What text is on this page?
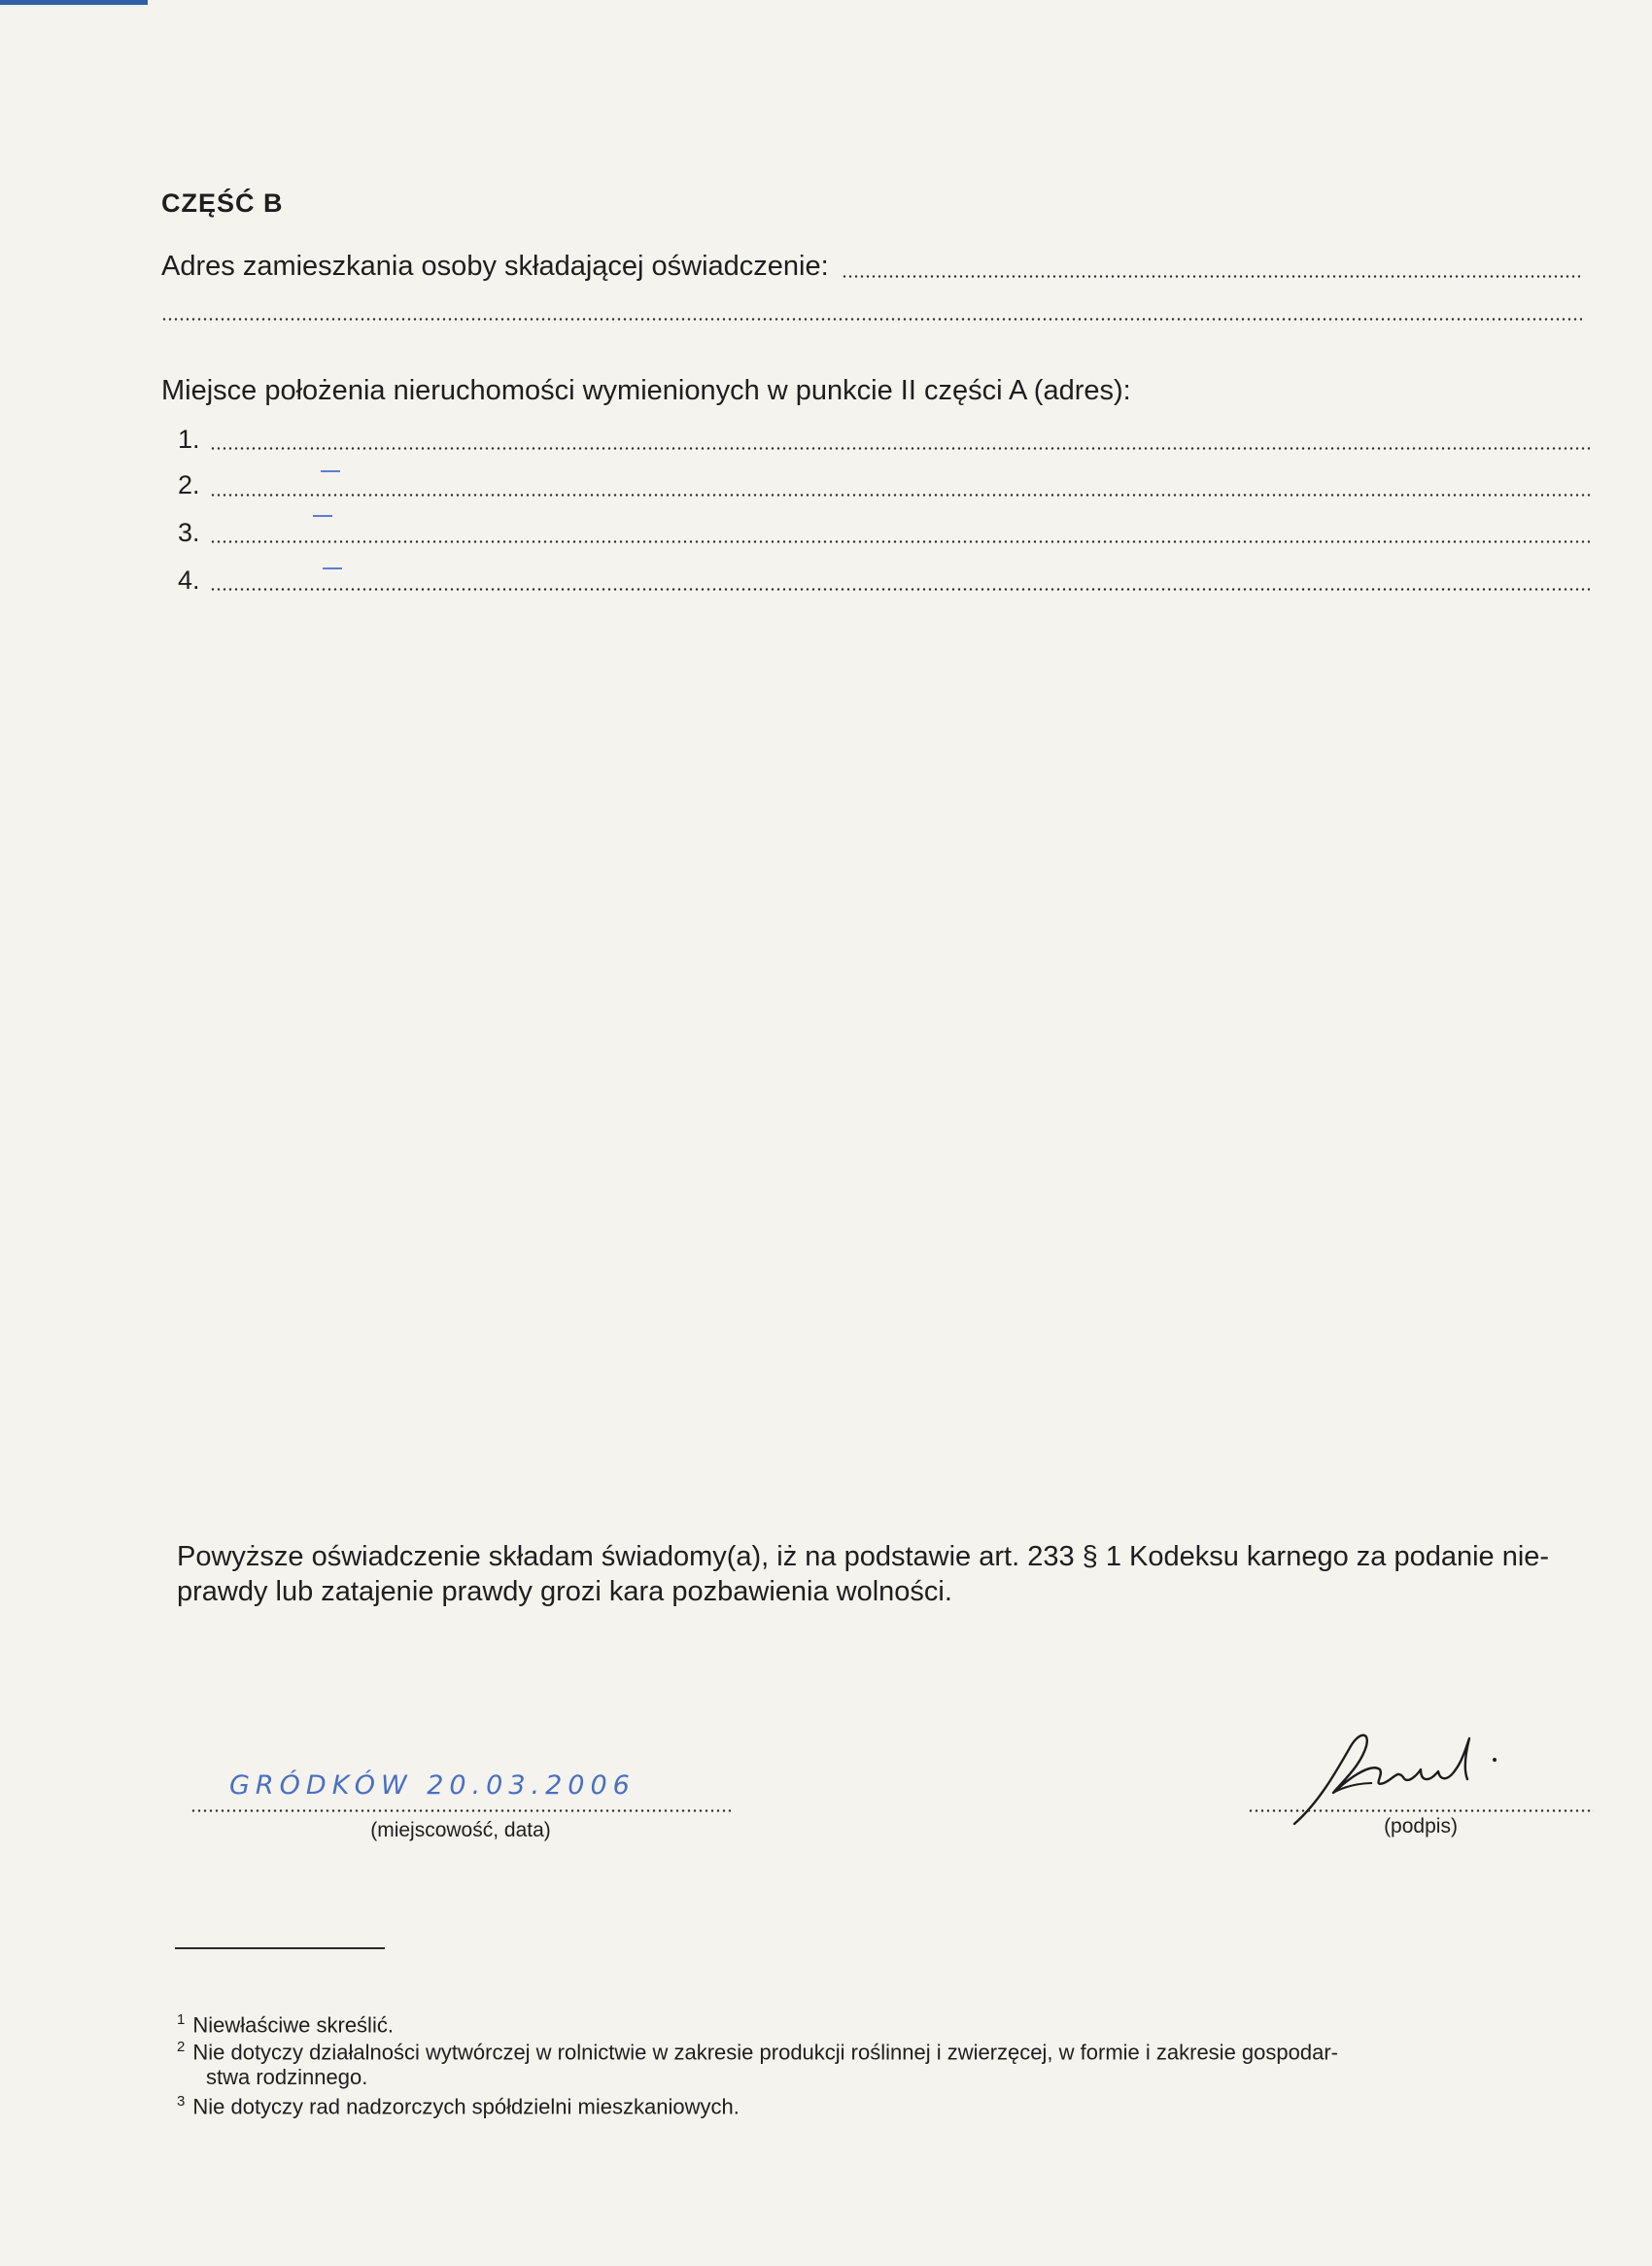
CZĘŚĆ B
Adres zamieszkania osoby składającej oświadczenie:
Miejsce położenia nieruchomości wymienionych w punkcie II części A (adres):
1.
2.
3.
4.

Powyższe oświadczenie składam świadomy(a), iż na podstawie art. 233 § 1 Kodeksu karnego za podanie nie-
prawdy lub zatajenie prawdy grozi kara pozbawienia wolności.

GRÓDKÓW 20.03.2006
(miejscowość, data)	(podpis)
$^1$ Niewłaściwe skreślić.
$^2$ Nie dotyczy działalności wytwórczej w rolnictwie w zakresie produkcji roślinnej i zwierzęcej, w formie i zakresie gospodar-
stwa rodzinnego.
$^3$ Nie dotyczy rad nadzorczych spółdzielni mieszkaniowych.
